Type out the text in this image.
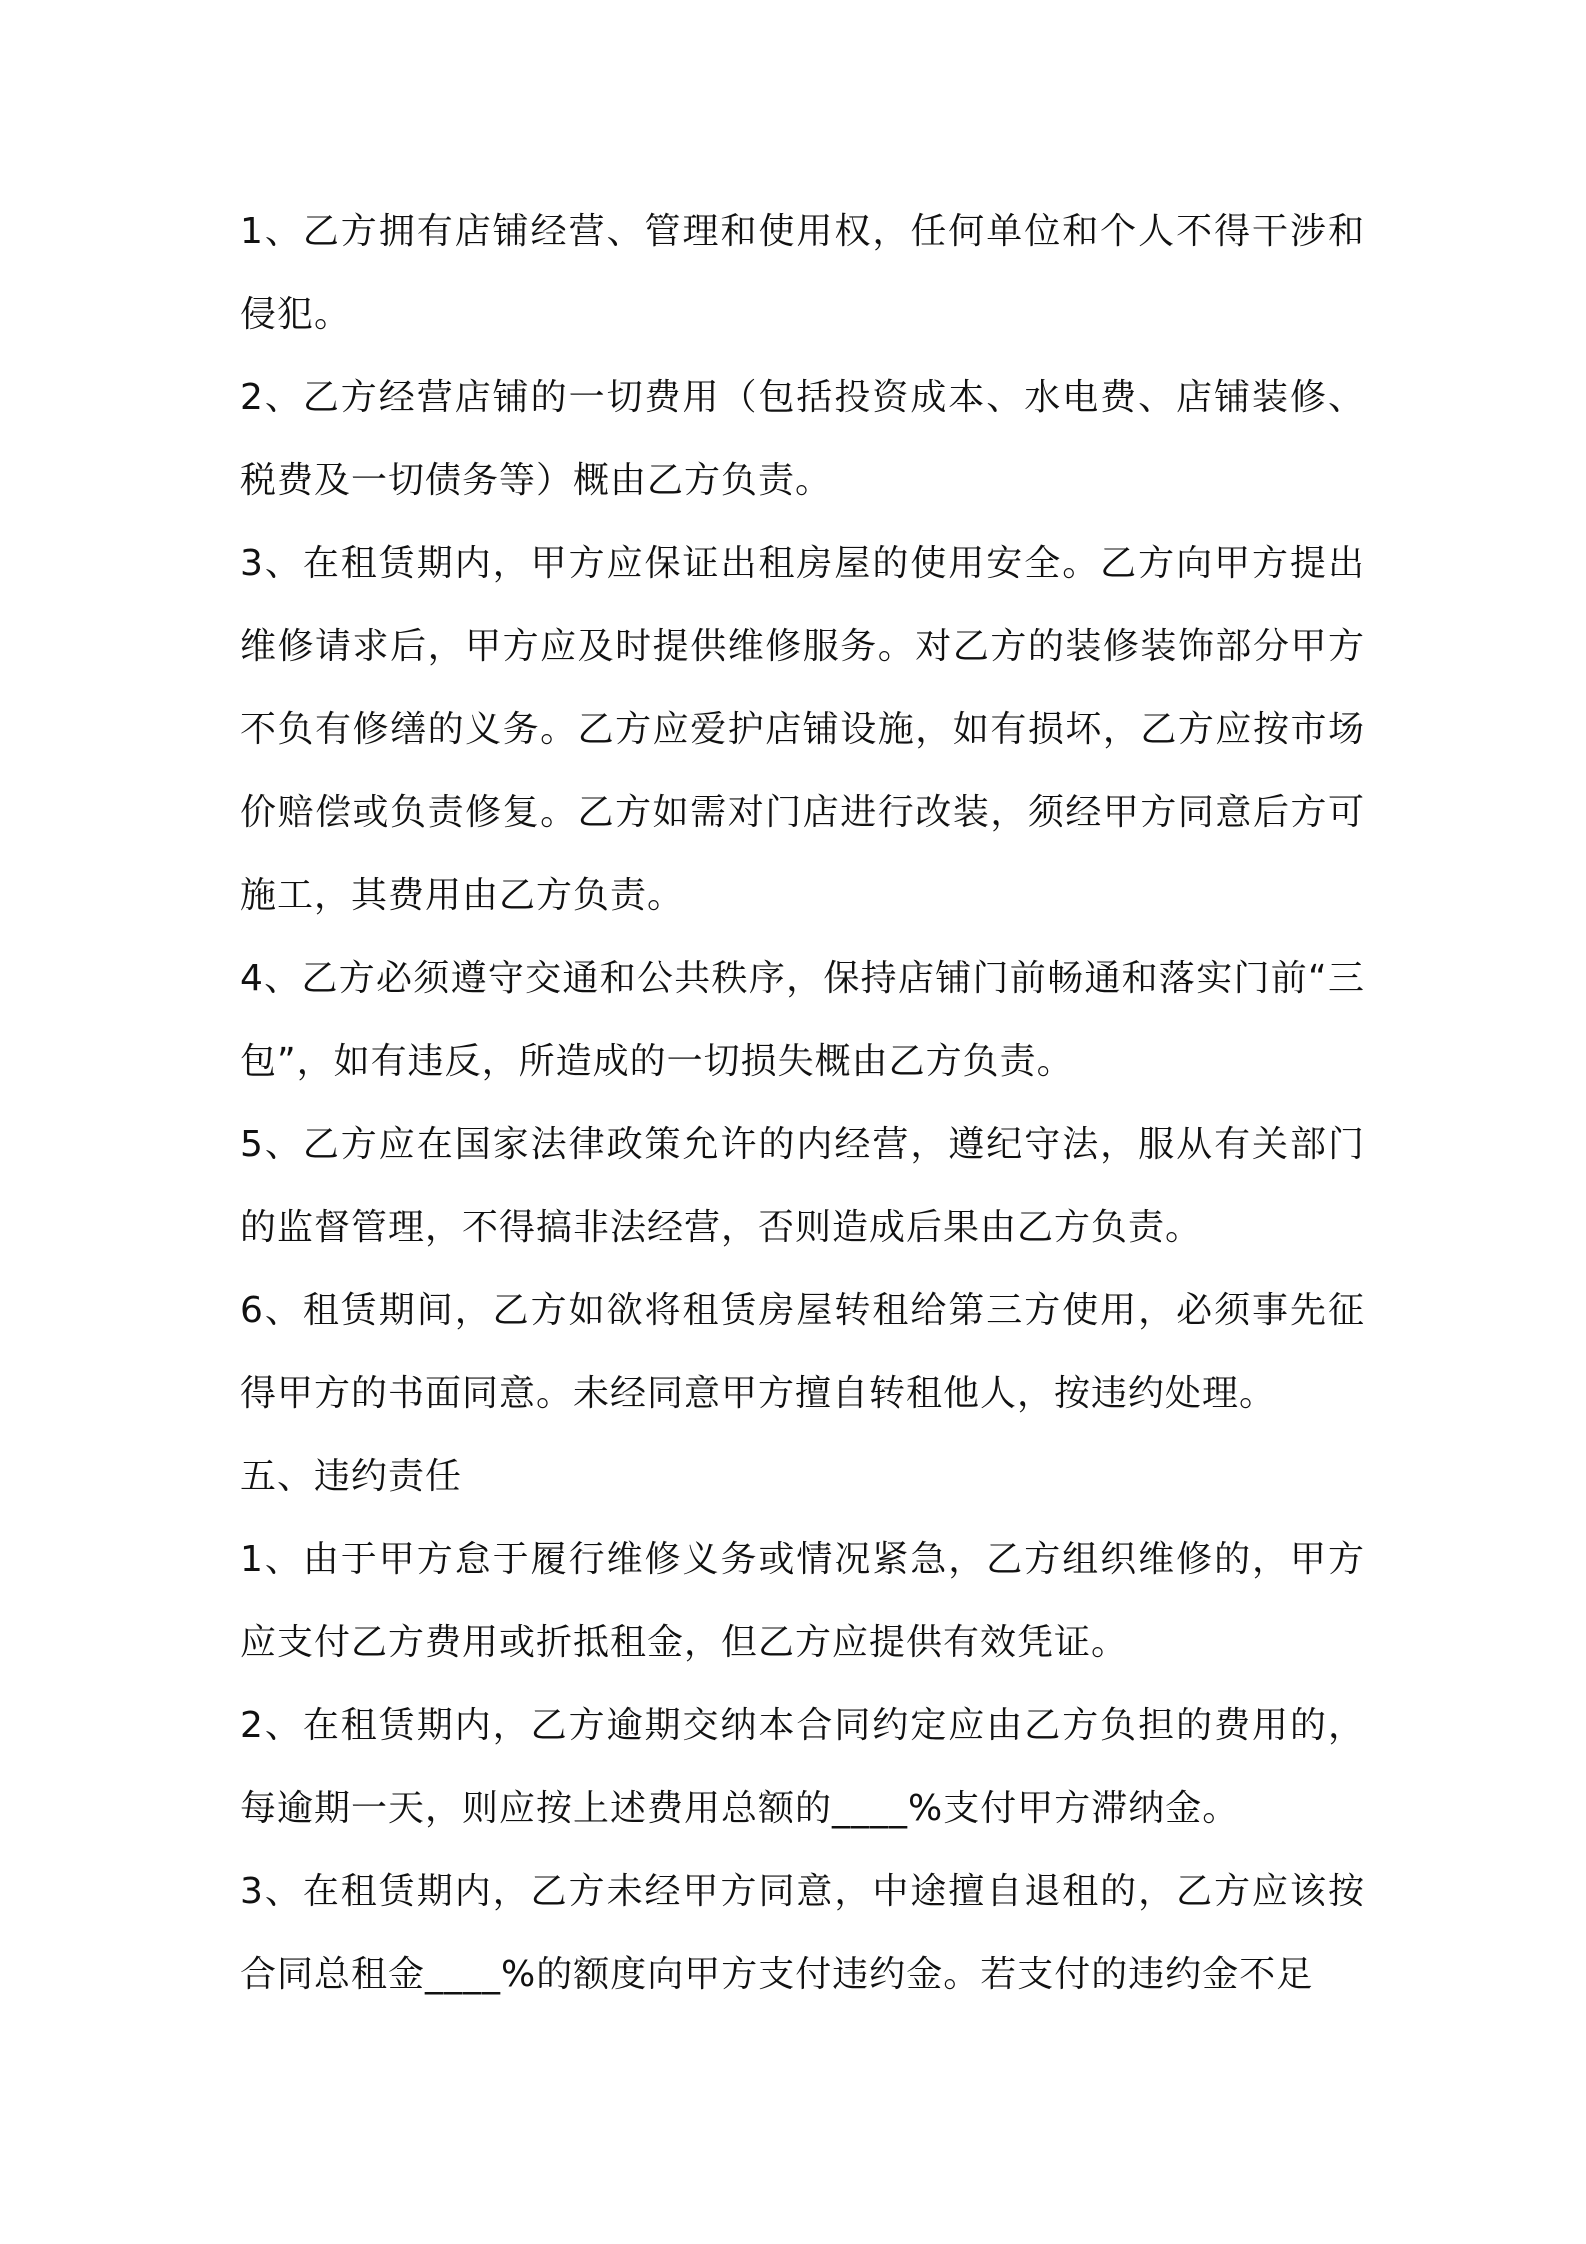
1、乙方拥有店铺经营、管理和使用权，任何单位和个人不得干涉和侵犯。

2、乙方经营店铺的一切费用（包括投资成本、水电费、店铺装修、税费及一切债务等）概由乙方负责。

3、在租赁期内，甲方应保证出租房屋的使用安全。乙方向甲方提出维修请求后，甲方应及时提供维修服务。对乙方的装修装饰部分甲方不负有修缮的义务。乙方应爱护店铺设施，如有损坏，乙方应按市场价赔偿或负责修复。乙方如需对门店进行改装，须经甲方同意后方可施工，其费用由乙方负责。

4、乙方必须遵守交通和公共秩序，保持店铺门前畅通和落实门前“三包”，如有违反，所造成的一切损失概由乙方负责。

5、乙方应在国家法律政策允许的内经营，遵纪守法，服从有关部门的监督管理，不得搞非法经营，否则造成后果由乙方负责。

6、租赁期间，乙方如欲将租赁房屋转租给第三方使用，必须事先征得甲方的书面同意。未经同意甲方擅自转租他人，按违约处理。

五、违约责任

1、由于甲方怠于履行维修义务或情况紧急，乙方组织维修的，甲方应支付乙方费用或折抵租金，但乙方应提供有效凭证。

2、在租赁期内，乙方逾期交纳本合同约定应由乙方负担的费用的，每逾期一天，则应按上述费用总额的____%支付甲方滞纳金。

3、在租赁期内，乙方未经甲方同意，中途擅自退租的，乙方应该按合同总租金____%的额度向甲方支付违约金。若支付的违约金不足
